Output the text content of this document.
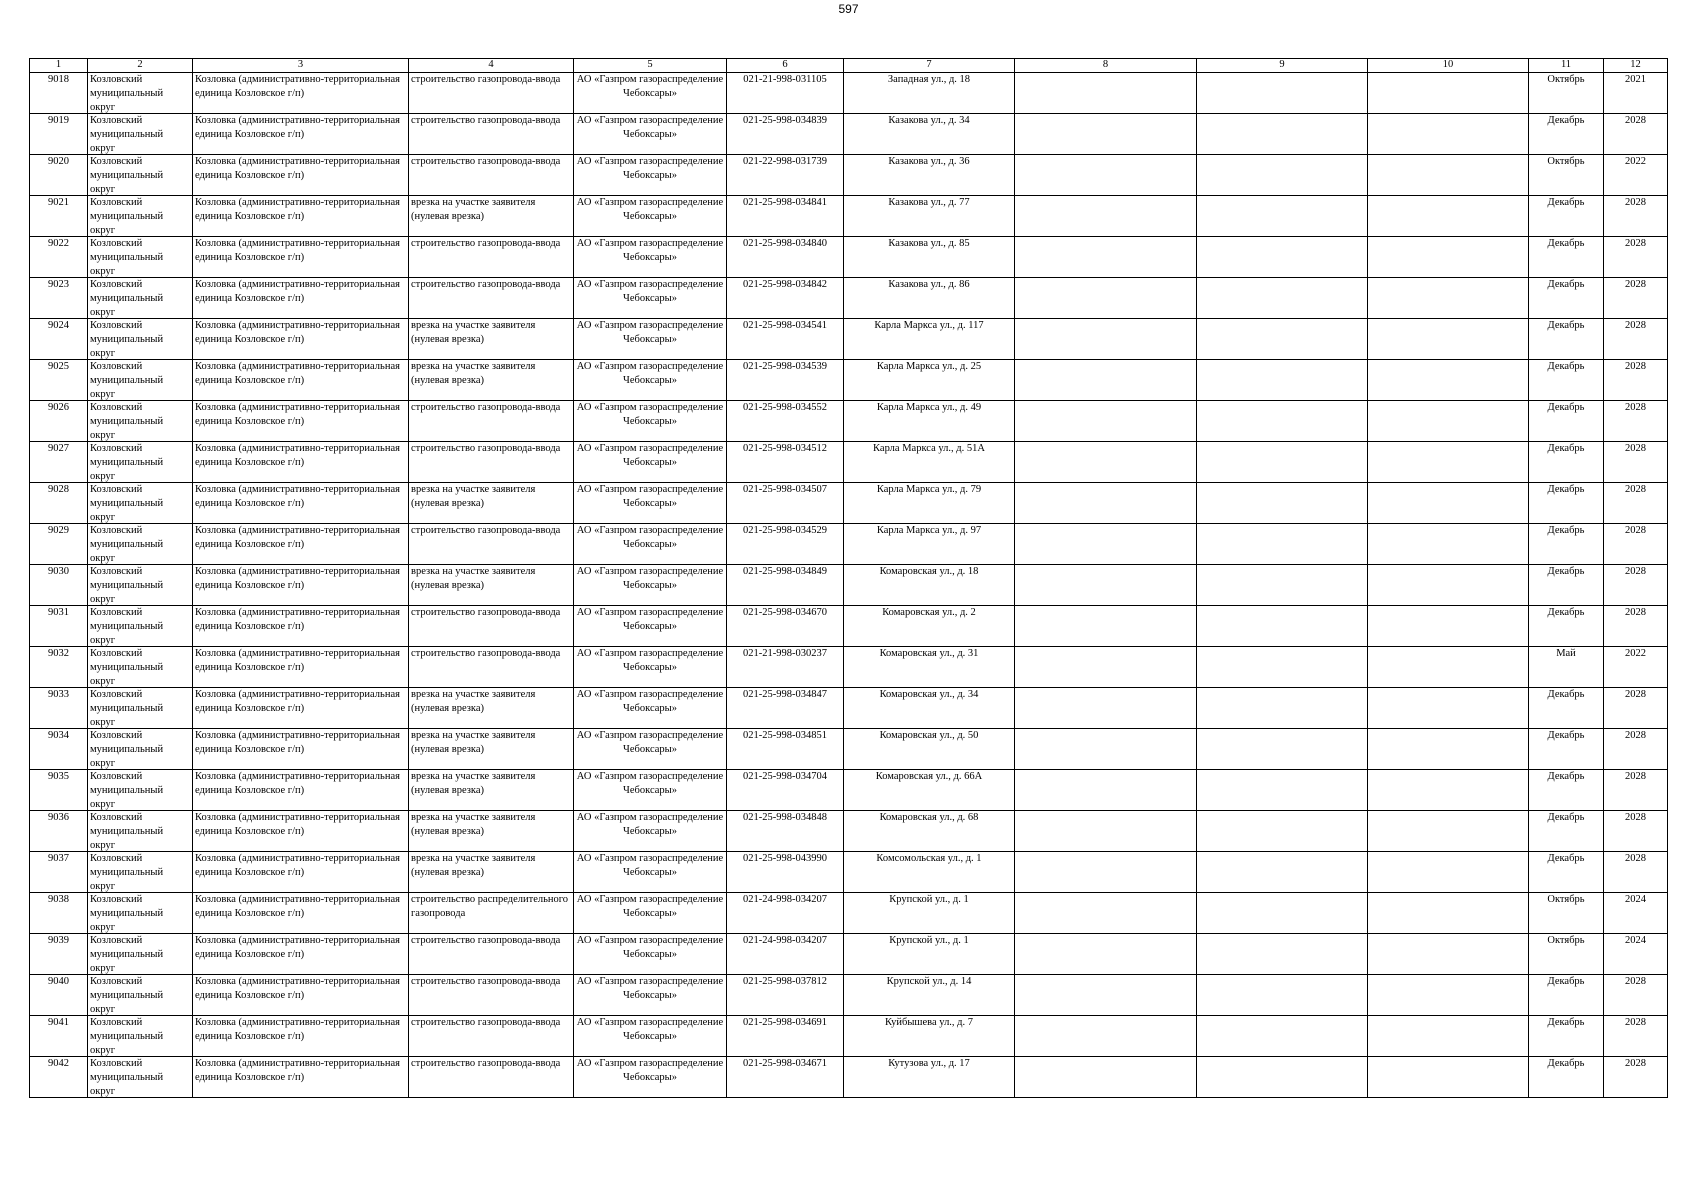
597
1	2	3	4	5	6	7	8	9	10	11	12

9018	Козловский муниципальный округ	Козловка (административно-территориальная единица Козловское г/п)	строительство газопровода-ввода	АО «Газпром газораспределение Чебоксары»	021-21-998-031105	Западная ул., д. 18				Октябрь	2021

9019	Козловский муниципальный округ	Козловка (административно-территориальная единица Козловское г/п)	строительство газопровода-ввода	АО «Газпром газораспределение Чебоксары»	021-25-998-034839	Казакова ул., д. 34				Декабрь	2028

9020	Козловский муниципальный округ	Козловка (административно-территориальная единица Козловское г/п)	строительство газопровода-ввода	АО «Газпром газораспределение Чебоксары»	021-22-998-031739	Казакова ул., д. 36				Октябрь	2022

9021	Козловский муниципальный округ	Козловка (административно-территориальная единица Козловское г/п)	врезка на участке заявителя (нулевая врезка)	АО «Газпром газораспределение Чебоксары»	021-25-998-034841	Казакова ул., д. 77				Декабрь	2028

9022	Козловский муниципальный округ	Козловка (административно-территориальная единица Козловское г/п)	строительство газопровода-ввода	АО «Газпром газораспределение Чебоксары»	021-25-998-034840	Казакова ул., д. 85				Декабрь	2028

9023	Козловский муниципальный округ	Козловка (административно-территориальная единица Козловское г/п)	строительство газопровода-ввода	АО «Газпром газораспределение Чебоксары»	021-25-998-034842	Казакова ул., д. 86				Декабрь	2028

9024	Козловский муниципальный округ	Козловка (административно-территориальная единица Козловское г/п)	врезка на участке заявителя (нулевая врезка)	АО «Газпром газораспределение Чебоксары»	021-25-998-034541	Карла Маркса ул., д. 117				Декабрь	2028

9025	Козловский муниципальный округ	Козловка (административно-территориальная единица Козловское г/п)	врезка на участке заявителя (нулевая врезка)	АО «Газпром газораспределение Чебоксары»	021-25-998-034539	Карла Маркса ул., д. 25				Декабрь	2028

9026	Козловский муниципальный округ	Козловка (административно-территориальная единица Козловское г/п)	строительство газопровода-ввода	АО «Газпром газораспределение Чебоксары»	021-25-998-034552	Карла Маркса ул., д. 49				Декабрь	2028

9027	Козловский муниципальный округ	Козловка (административно-территориальная единица Козловское г/п)	строительство газопровода-ввода	АО «Газпром газораспределение Чебоксары»	021-25-998-034512	Карла Маркса ул., д. 51А				Декабрь	2028

9028	Козловский муниципальный округ	Козловка (административно-территориальная единица Козловское г/п)	врезка на участке заявителя (нулевая врезка)	АО «Газпром газораспределение Чебоксары»	021-25-998-034507	Карла Маркса ул., д. 79				Декабрь	2028

9029	Козловский муниципальный округ	Козловка (административно-территориальная единица Козловское г/п)	строительство газопровода-ввода	АО «Газпром газораспределение Чебоксары»	021-25-998-034529	Карла Маркса ул., д. 97				Декабрь	2028

9030	Козловский муниципальный округ	Козловка (административно-территориальная единица Козловское г/п)	врезка на участке заявителя (нулевая врезка)	АО «Газпром газораспределение Чебоксары»	021-25-998-034849	Комаровская ул., д. 18				Декабрь	2028

9031	Козловский муниципальный округ	Козловка (административно-территориальная единица Козловское г/п)	строительство газопровода-ввода	АО «Газпром газораспределение Чебоксары»	021-25-998-034670	Комаровская ул., д. 2				Декабрь	2028

9032	Козловский муниципальный округ	Козловка (административно-территориальная единица Козловское г/п)	строительство газопровода-ввода	АО «Газпром газораспределение Чебоксары»	021-21-998-030237	Комаровская ул., д. 31				Май	2022

9033	Козловский муниципальный округ	Козловка (административно-территориальная единица Козловское г/п)	врезка на участке заявителя (нулевая врезка)	АО «Газпром газораспределение Чебоксары»	021-25-998-034847	Комаровская ул., д. 34				Декабрь	2028

9034	Козловский муниципальный округ	Козловка (административно-территориальная единица Козловское г/п)	врезка на участке заявителя (нулевая врезка)	АО «Газпром газораспределение Чебоксары»	021-25-998-034851	Комаровская ул., д. 50				Декабрь	2028

9035	Козловский муниципальный округ	Козловка (административно-территориальная единица Козловское г/п)	врезка на участке заявителя (нулевая врезка)	АО «Газпром газораспределение Чебоксары»	021-25-998-034704	Комаровская ул., д. 66А				Декабрь	2028

9036	Козловский муниципальный округ	Козловка (административно-территориальная единица Козловское г/п)	врезка на участке заявителя (нулевая врезка)	АО «Газпром газораспределение Чебоксары»	021-25-998-034848	Комаровская ул., д. 68				Декабрь	2028

9037	Козловский муниципальный округ	Козловка (административно-территориальная единица Козловское г/п)	врезка на участке заявителя (нулевая врезка)	АО «Газпром газораспределение Чебоксары»	021-25-998-043990	Комсомольская ул., д. 1				Декабрь	2028

9038	Козловский муниципальный округ	Козловка (административно-территориальная единица Козловское г/п)	строительство распределительного газопровода	АО «Газпром газораспределение Чебоксары»	021-24-998-034207	Крупской ул., д. 1				Октябрь	2024

9039	Козловский муниципальный округ	Козловка (административно-территориальная единица Козловское г/п)	строительство газопровода-ввода	АО «Газпром газораспределение Чебоксары»	021-24-998-034207	Крупской ул., д. 1				Октябрь	2024

9040	Козловский муниципальный округ	Козловка (административно-территориальная единица Козловское г/п)	строительство газопровода-ввода	АО «Газпром газораспределение Чебоксары»	021-25-998-037812	Крупской ул., д. 14				Декабрь	2028

9041	Козловский муниципальный округ	Козловка (административно-территориальная единица Козловское г/п)	строительство газопровода-ввода	АО «Газпром газораспределение Чебоксары»	021-25-998-034691	Куйбышева ул., д. 7				Декабрь	2028

9042	Козловский муниципальный округ	Козловка (административно-территориальная единица Козловское г/п)	строительство газопровода-ввода	АО «Газпром газораспределение Чебоксары»	021-25-998-034671	Кутузова ул., д. 17				Декабрь	2028
